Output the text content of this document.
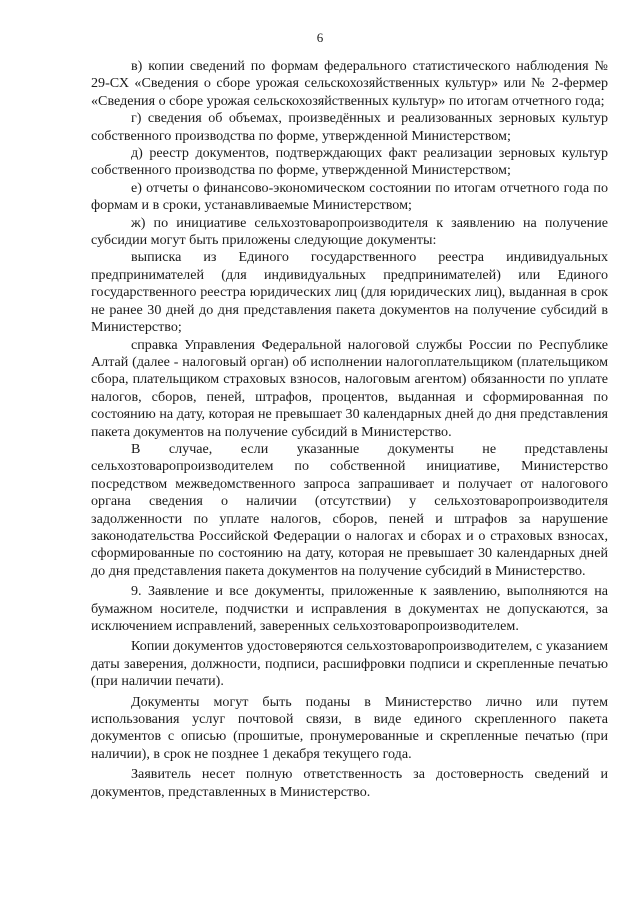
6

в) копии сведений по формам федерального статистического наблюдения № 29-СХ «Сведения о сборе урожая сельскохозяйственных культур» или № 2-фермер «Сведения о сборе урожая сельскохозяйственных культур» по итогам отчетного года;

г) сведения об объемах, произведённых и реализованных зерновых культур собственного производства по форме, утвержденной Министерством;

д) реестр документов, подтверждающих факт реализации зерновых культур собственного производства по форме, утвержденной Министерством;

е) отчеты о финансово-экономическом состоянии по итогам отчетного года по формам и в сроки, устанавливаемые Министерством;

ж) по инициативе сельхозтоваропроизводителя к заявлению на получение субсидии могут быть приложены следующие документы:

выписка из Единого государственного реестра индивидуальных предпринимателей (для индивидуальных предпринимателей) или Единого государственного реестра юридических лиц (для юридических лиц), выданная в срок не ранее 30 дней до дня представления пакета документов на получение субсидий в Министерство;

справка Управления Федеральной налоговой службы России по Республике Алтай (далее - налоговый орган) об исполнении налогоплательщиком (плательщиком сбора, плательщиком страховых взносов, налоговым агентом) обязанности по уплате налогов, сборов, пеней, штрафов, процентов, выданная и сформированная по состоянию на дату, которая не превышает 30 календарных дней до дня представления пакета документов на получение субсидий в Министерство.

В случае, если указанные документы не представлены сельхозтоваропроизводителем по собственной инициативе, Министерство посредством межведомственного запроса запрашивает и получает от налогового органа сведения о наличии (отсутствии) у сельхозтоваропроизводителя задолженности по уплате налогов, сборов, пеней и штрафов за нарушение законодательства Российской Федерации о налогах и сборах и о страховых взносах, сформированные по состоянию на дату, которая не превышает 30 календарных дней до дня представления пакета документов на получение субсидий в Министерство.

9. Заявление и все документы, приложенные к заявлению, выполняются на бумажном носителе, подчистки и исправления в документах не допускаются, за исключением исправлений, заверенных сельхозтоваропроизводителем.

Копии документов удостоверяются сельхозтоваропроизводителем, с указанием даты заверения, должности, подписи, расшифровки подписи и скрепленные печатью (при наличии печати).

Документы могут быть поданы в Министерство лично или путем использования услуг почтовой связи, в виде единого скрепленного пакета документов с описью (прошитые, пронумерованные и скрепленные печатью (при наличии), в срок не позднее 1 декабря текущего года.

Заявитель несет полную ответственность за достоверность сведений и документов, представленных в Министерство.
